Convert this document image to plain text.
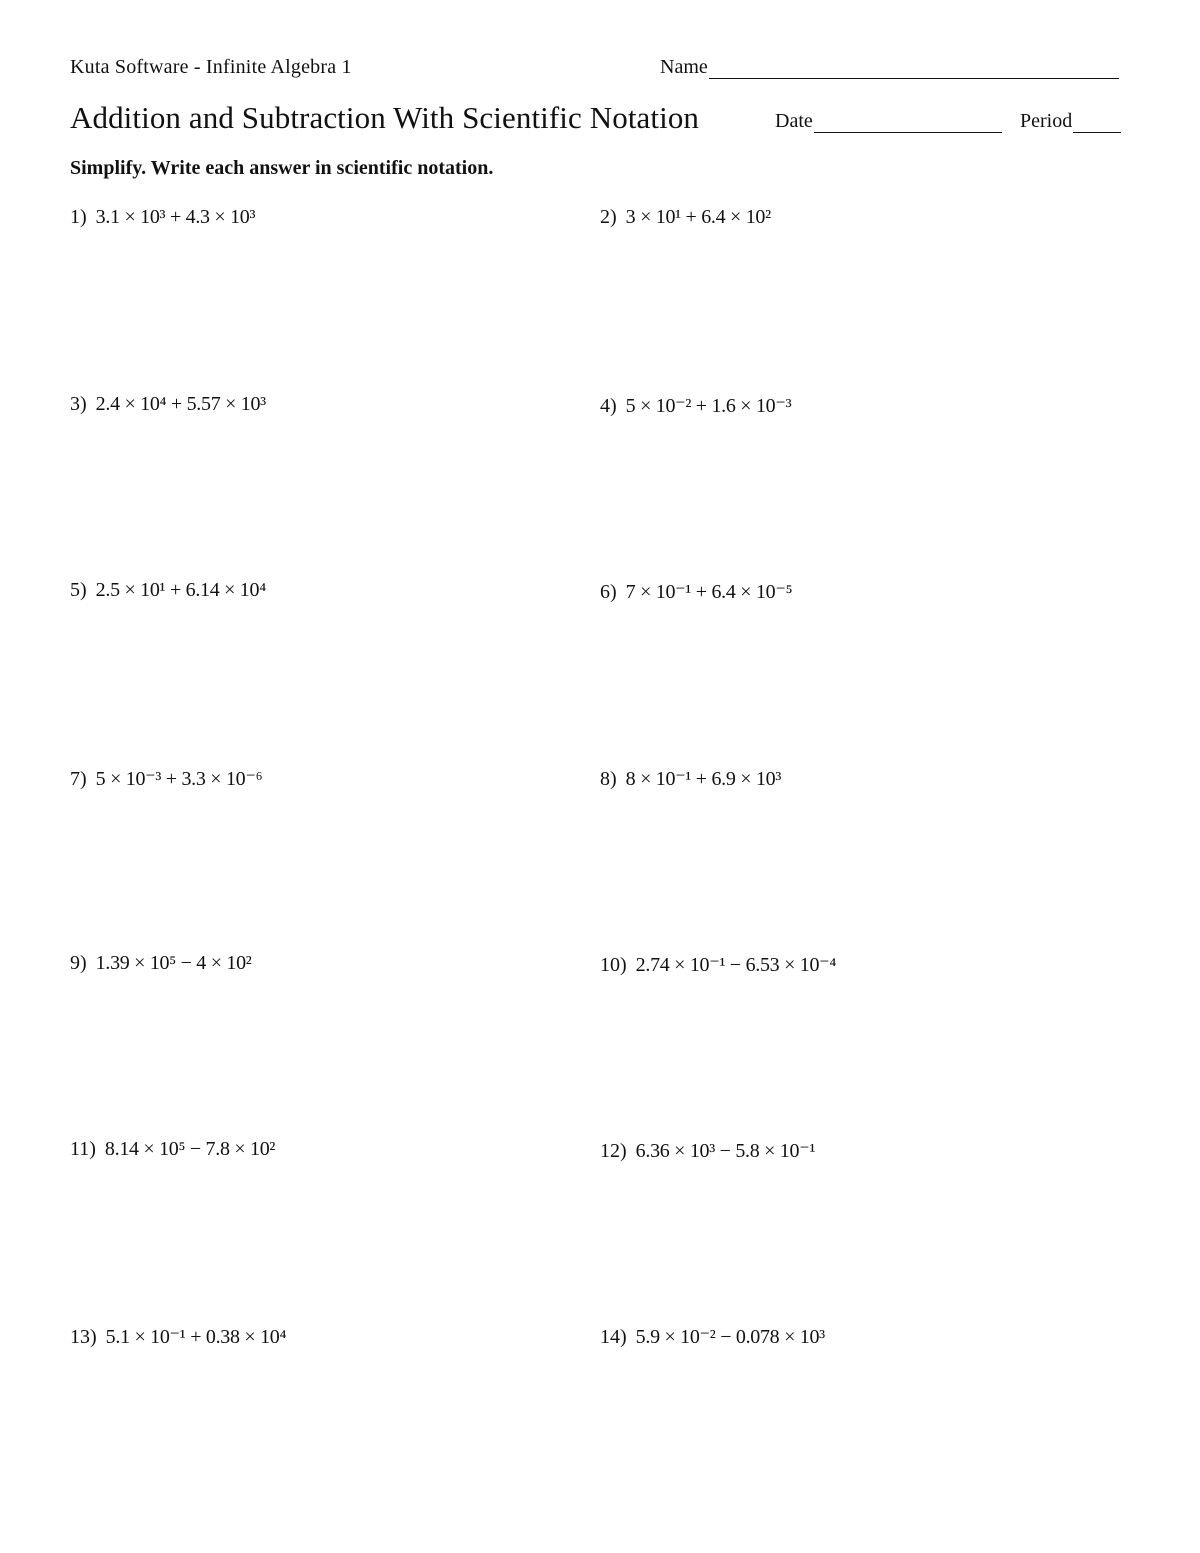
Kuta Software - Infinite Algebra 1	Name
Addition and Subtraction With Scientific Notation	Date	Period
Simplify. Write each answer in scientific notation.
1) 3.1 × 10³ + 4.3 × 10³	2) 3 × 10¹ + 6.4 × 10²
3) 2.4 × 10⁴ + 5.57 × 10³	4) 5 × 10⁻² + 1.6 × 10⁻³
5) 2.5 × 10¹ + 6.14 × 10⁴	6) 7 × 10⁻¹ + 6.4 × 10⁻⁵
7) 5 × 10⁻³ + 3.3 × 10⁻⁶	8) 8 × 10⁻¹ + 6.9 × 10³
9) 1.39 × 10⁵ − 4 × 10²	10) 2.74 × 10⁻¹ − 6.53 × 10⁻⁴
11) 8.14 × 10⁵ − 7.8 × 10²	12) 6.36 × 10³ − 5.8 × 10⁻¹
13) 5.1 × 10⁻¹ + 0.38 × 10⁴	14) 5.9 × 10⁻² − 0.078 × 10³
